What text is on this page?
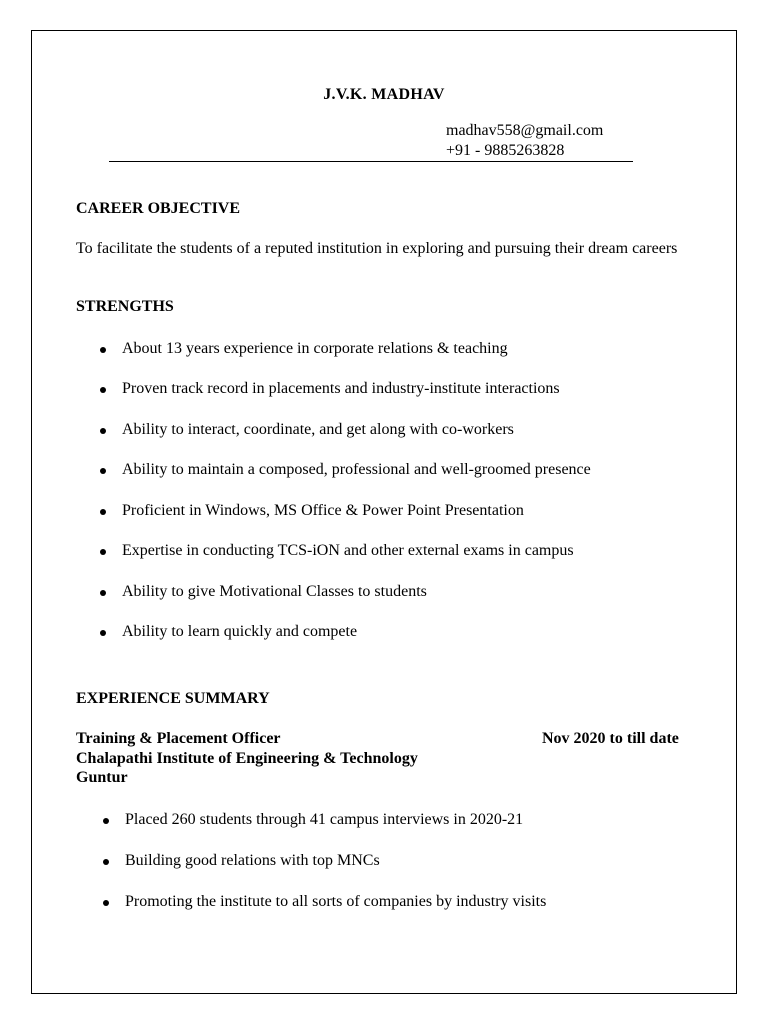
J.V.K. MADHAV
madhav558@gmail.com
+91 - 9885263828
CAREER OBJECTIVE
To facilitate the students of a reputed institution in exploring and pursuing their dream careers
STRENGTHS
About 13 years experience in corporate relations & teaching
Proven track record in placements and industry-institute interactions
Ability to interact, coordinate, and get along with co-workers
Ability to maintain a composed, professional and well-groomed presence
Proficient in Windows, MS Office & Power Point Presentation
Expertise in conducting TCS-iON and other external exams in campus
Ability to give Motivational Classes to students
Ability to learn quickly and compete
EXPERIENCE SUMMARY
Training & Placement Officer	Nov 2020 to till date
Chalapathi Institute of Engineering & Technology
Guntur
Placed 260 students through 41 campus interviews in 2020-21
Building good relations with top MNCs
Promoting the institute to all sorts of companies by industry visits
